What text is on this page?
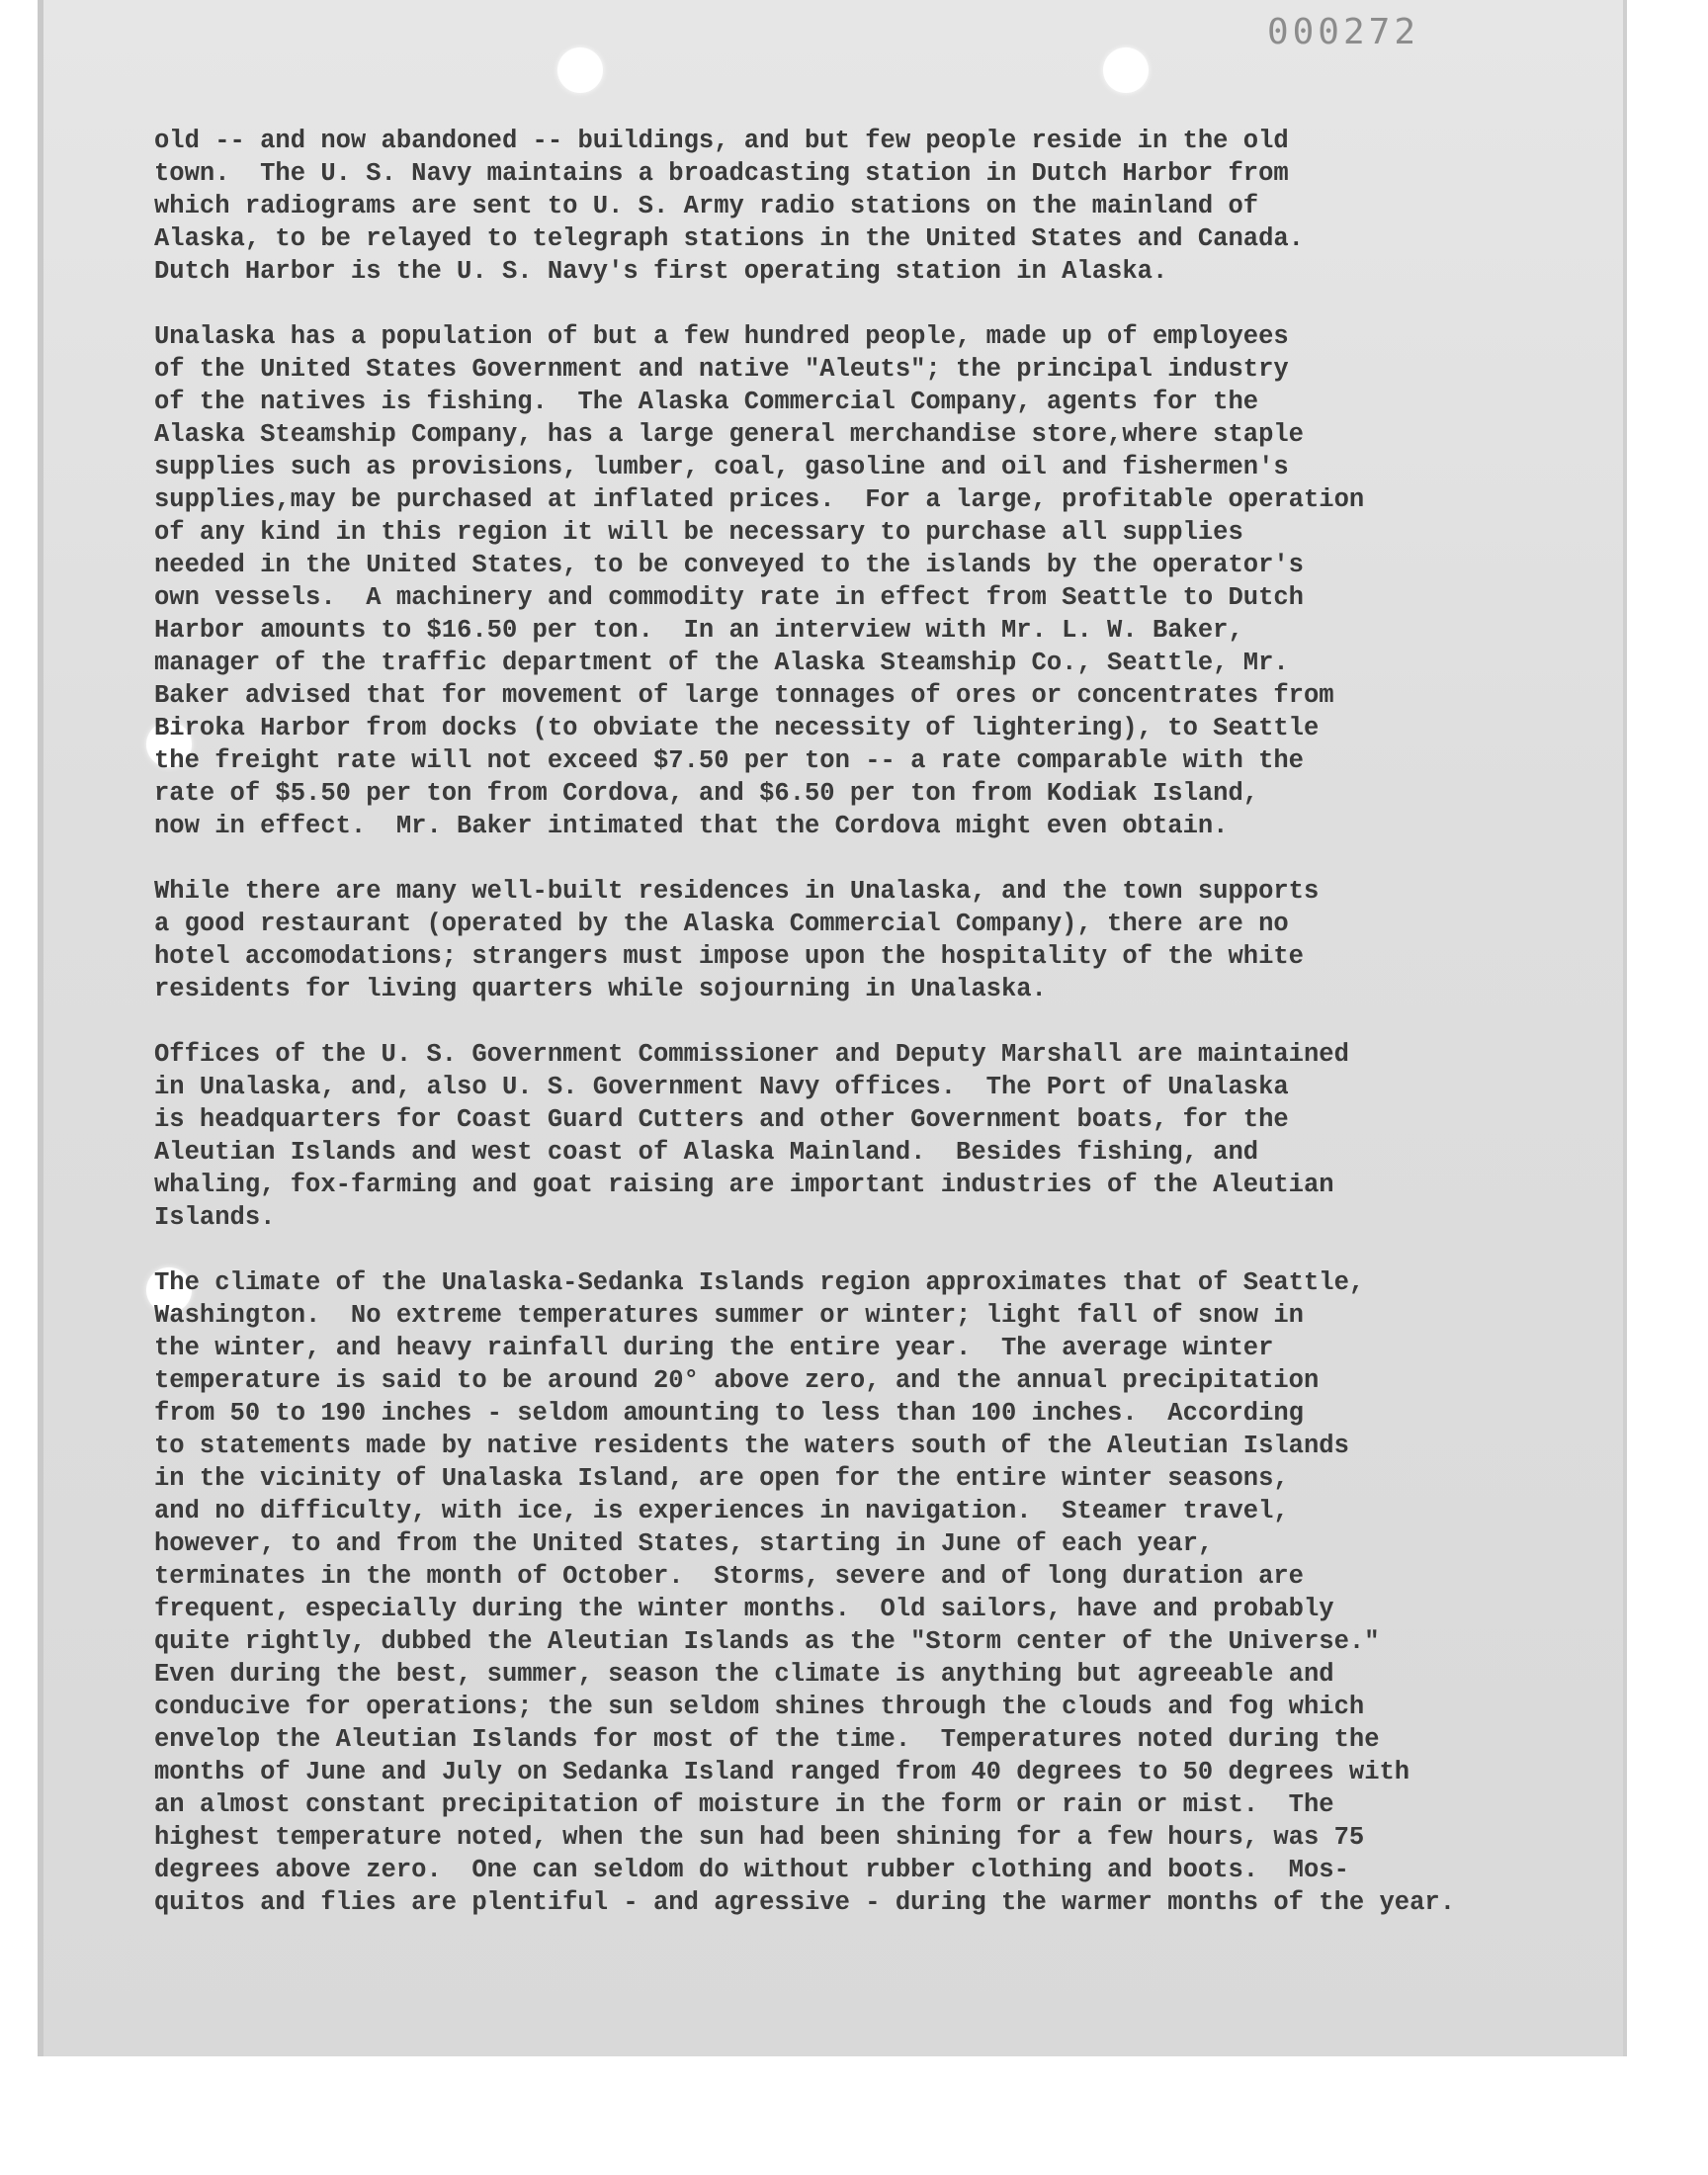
000272
old -- and now abandoned -- buildings, and but few people reside in the old
town.  The U. S. Navy maintains a broadcasting station in Dutch Harbor from
which radiograms are sent to U. S. Army radio stations on the mainland of
Alaska, to be relayed to telegraph stations in the United States and Canada.
Dutch Harbor is the U. S. Navy's first operating station in Alaska.
Unalaska has a population of but a few hundred people, made up of employees
of the United States Government and native "Aleuts"; the principal industry
of the natives is fishing.  The Alaska Commercial Company, agents for the
Alaska Steamship Company, has a large general merchandise store,where staple
supplies such as provisions, lumber, coal, gasoline and oil and fishermen's
supplies,may be purchased at inflated prices.  For a large, profitable operation
of any kind in this region it will be necessary to purchase all supplies
needed in the United States, to be conveyed to the islands by the operator's
own vessels.  A machinery and commodity rate in effect from Seattle to Dutch
Harbor amounts to $16.50 per ton.  In an interview with Mr. L. W. Baker,
manager of the traffic department of the Alaska Steamship Co., Seattle, Mr.
Baker advised that for movement of large tonnages of ores or concentrates from
Biroka Harbor from docks (to obviate the necessity of lightering), to Seattle
the freight rate will not exceed $7.50 per ton -- a rate comparable with the
rate of $5.50 per ton from Cordova, and $6.50 per ton from Kodiak Island,
now in effect.  Mr. Baker intimated that the Cordova might even obtain.
While there are many well-built residences in Unalaska, and the town supports
a good restaurant (operated by the Alaska Commercial Company), there are no
hotel accomodations; strangers must impose upon the hospitality of the white
residents for living quarters while sojourning in Unalaska.
Offices of the U. S. Government Commissioner and Deputy Marshall are maintained
in Unalaska, and, also U. S. Government Navy offices.  The Port of Unalaska
is headquarters for Coast Guard Cutters and other Government boats, for the
Aleutian Islands and west coast of Alaska Mainland.  Besides fishing, and
whaling, fox-farming and goat raising are important industries of the Aleutian
Islands.
The climate of the Unalaska-Sedanka Islands region approximates that of Seattle,
Washington.  No extreme temperatures summer or winter; light fall of snow in
the winter, and heavy rainfall during the entire year.  The average winter
temperature is said to be around 20° above zero, and the annual precipitation
from 50 to 190 inches - seldom amounting to less than 100 inches.  According
to statements made by native residents the waters south of the Aleutian Islands
in the vicinity of Unalaska Island, are open for the entire winter seasons,
and no difficulty, with ice, is experiences in navigation.  Steamer travel,
however, to and from the United States, starting in June of each year,
terminates in the month of October.  Storms, severe and of long duration are
frequent, especially during the winter months.  Old sailors, have and probably
quite rightly, dubbed the Aleutian Islands as the "Storm center of the Universe."
Even during the best, summer, season the climate is anything but agreeable and
conducive for operations; the sun seldom shines through the clouds and fog which
envelop the Aleutian Islands for most of the time.  Temperatures noted during the
months of June and July on Sedanka Island ranged from 40 degrees to 50 degrees with
an almost constant precipitation of moisture in the form or rain or mist.  The
highest temperature noted, when the sun had been shining for a few hours, was 75
degrees above zero.  One can seldom do without rubber clothing and boots.  Mos-
quitos and flies are plentiful - and agressive - during the warmer months of the year.
